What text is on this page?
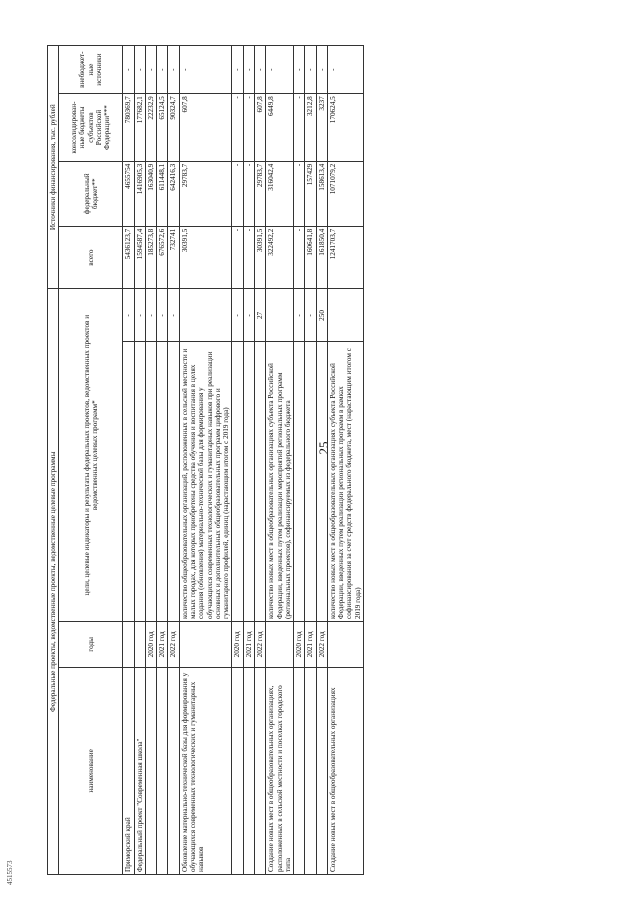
25
Федеральные проекты, ведомственные проекты, ведомственные целевые программы				Источники финансирования, тыс. рублей			
наименование	годы	цели, целевые индикаторы и результаты федеральных проектов, ведомственных проектов и ведомственных целевых программ*		всего	федеральный бюджет**	консолидирован-ные бюджеты субъектов Российской Федерации***	внебюджет-ные источники
Приморский край			-	5436123,7	4655754	780369,7	-
Федеральный проект "Современная школа"			-	1594587,4	1416905,3	177682,1	-
	2020 год		-	185273,8	163040,9	22232,9	-
	2021 год		-	676572,6	611448,1	65124,5	-
	2022 год		-	732741	642416,3	90324,7	-
Обновление материально-технической базы для формирования у обучающихся современных технологических и гуманитарных навыков		количество общеобразовательных организаций, расположенных в сельской местности и малых городах, для которых приобретены средства обучения и воспитания в целях создания (обновления) материально-технической базы для формирования у обучающихся современных технологических и гуманитарных навыков при реализации основных и дополнительных общеобразовательных программ цифрового и гуманитарного профилей, единиц (нарастающим итогом с 2019 года)		30391,5	29783,7	607,8	-
	2020 год		-	-	-	-	-
	2021 год		-	-	-	-	-
	2022 год		27	30391,5	29783,7	607,8	-
Создание новых мест в общеобразовательных организациях, расположенных в сельской местности и поселках городского типа		количество новых мест в общеобразовательных организациях субъекта Российской Федерации, введенных путем реализации мероприятий региональных программ (региональных проектов), софинансируемых из федерального бюджета		322492,2	316042,4	6449,8	-
	2020 год		-	-	-	-	-
	2021 год		-	160641,8	157429	3212,8	-
	2022 год		250	161850,4	158613,4	3237	-
Создание новых мест в общеобразовательных организациях		количество новых мест в общеобразовательных организациях субъекта Российской Федерации, введенных путем реализации региональных программ в рамках софинансирования за счет средств федерального бюджета, мест (нарастающим итогом с 2019 года)		1241703,7	1071079,2	170624,5	-
4515573
